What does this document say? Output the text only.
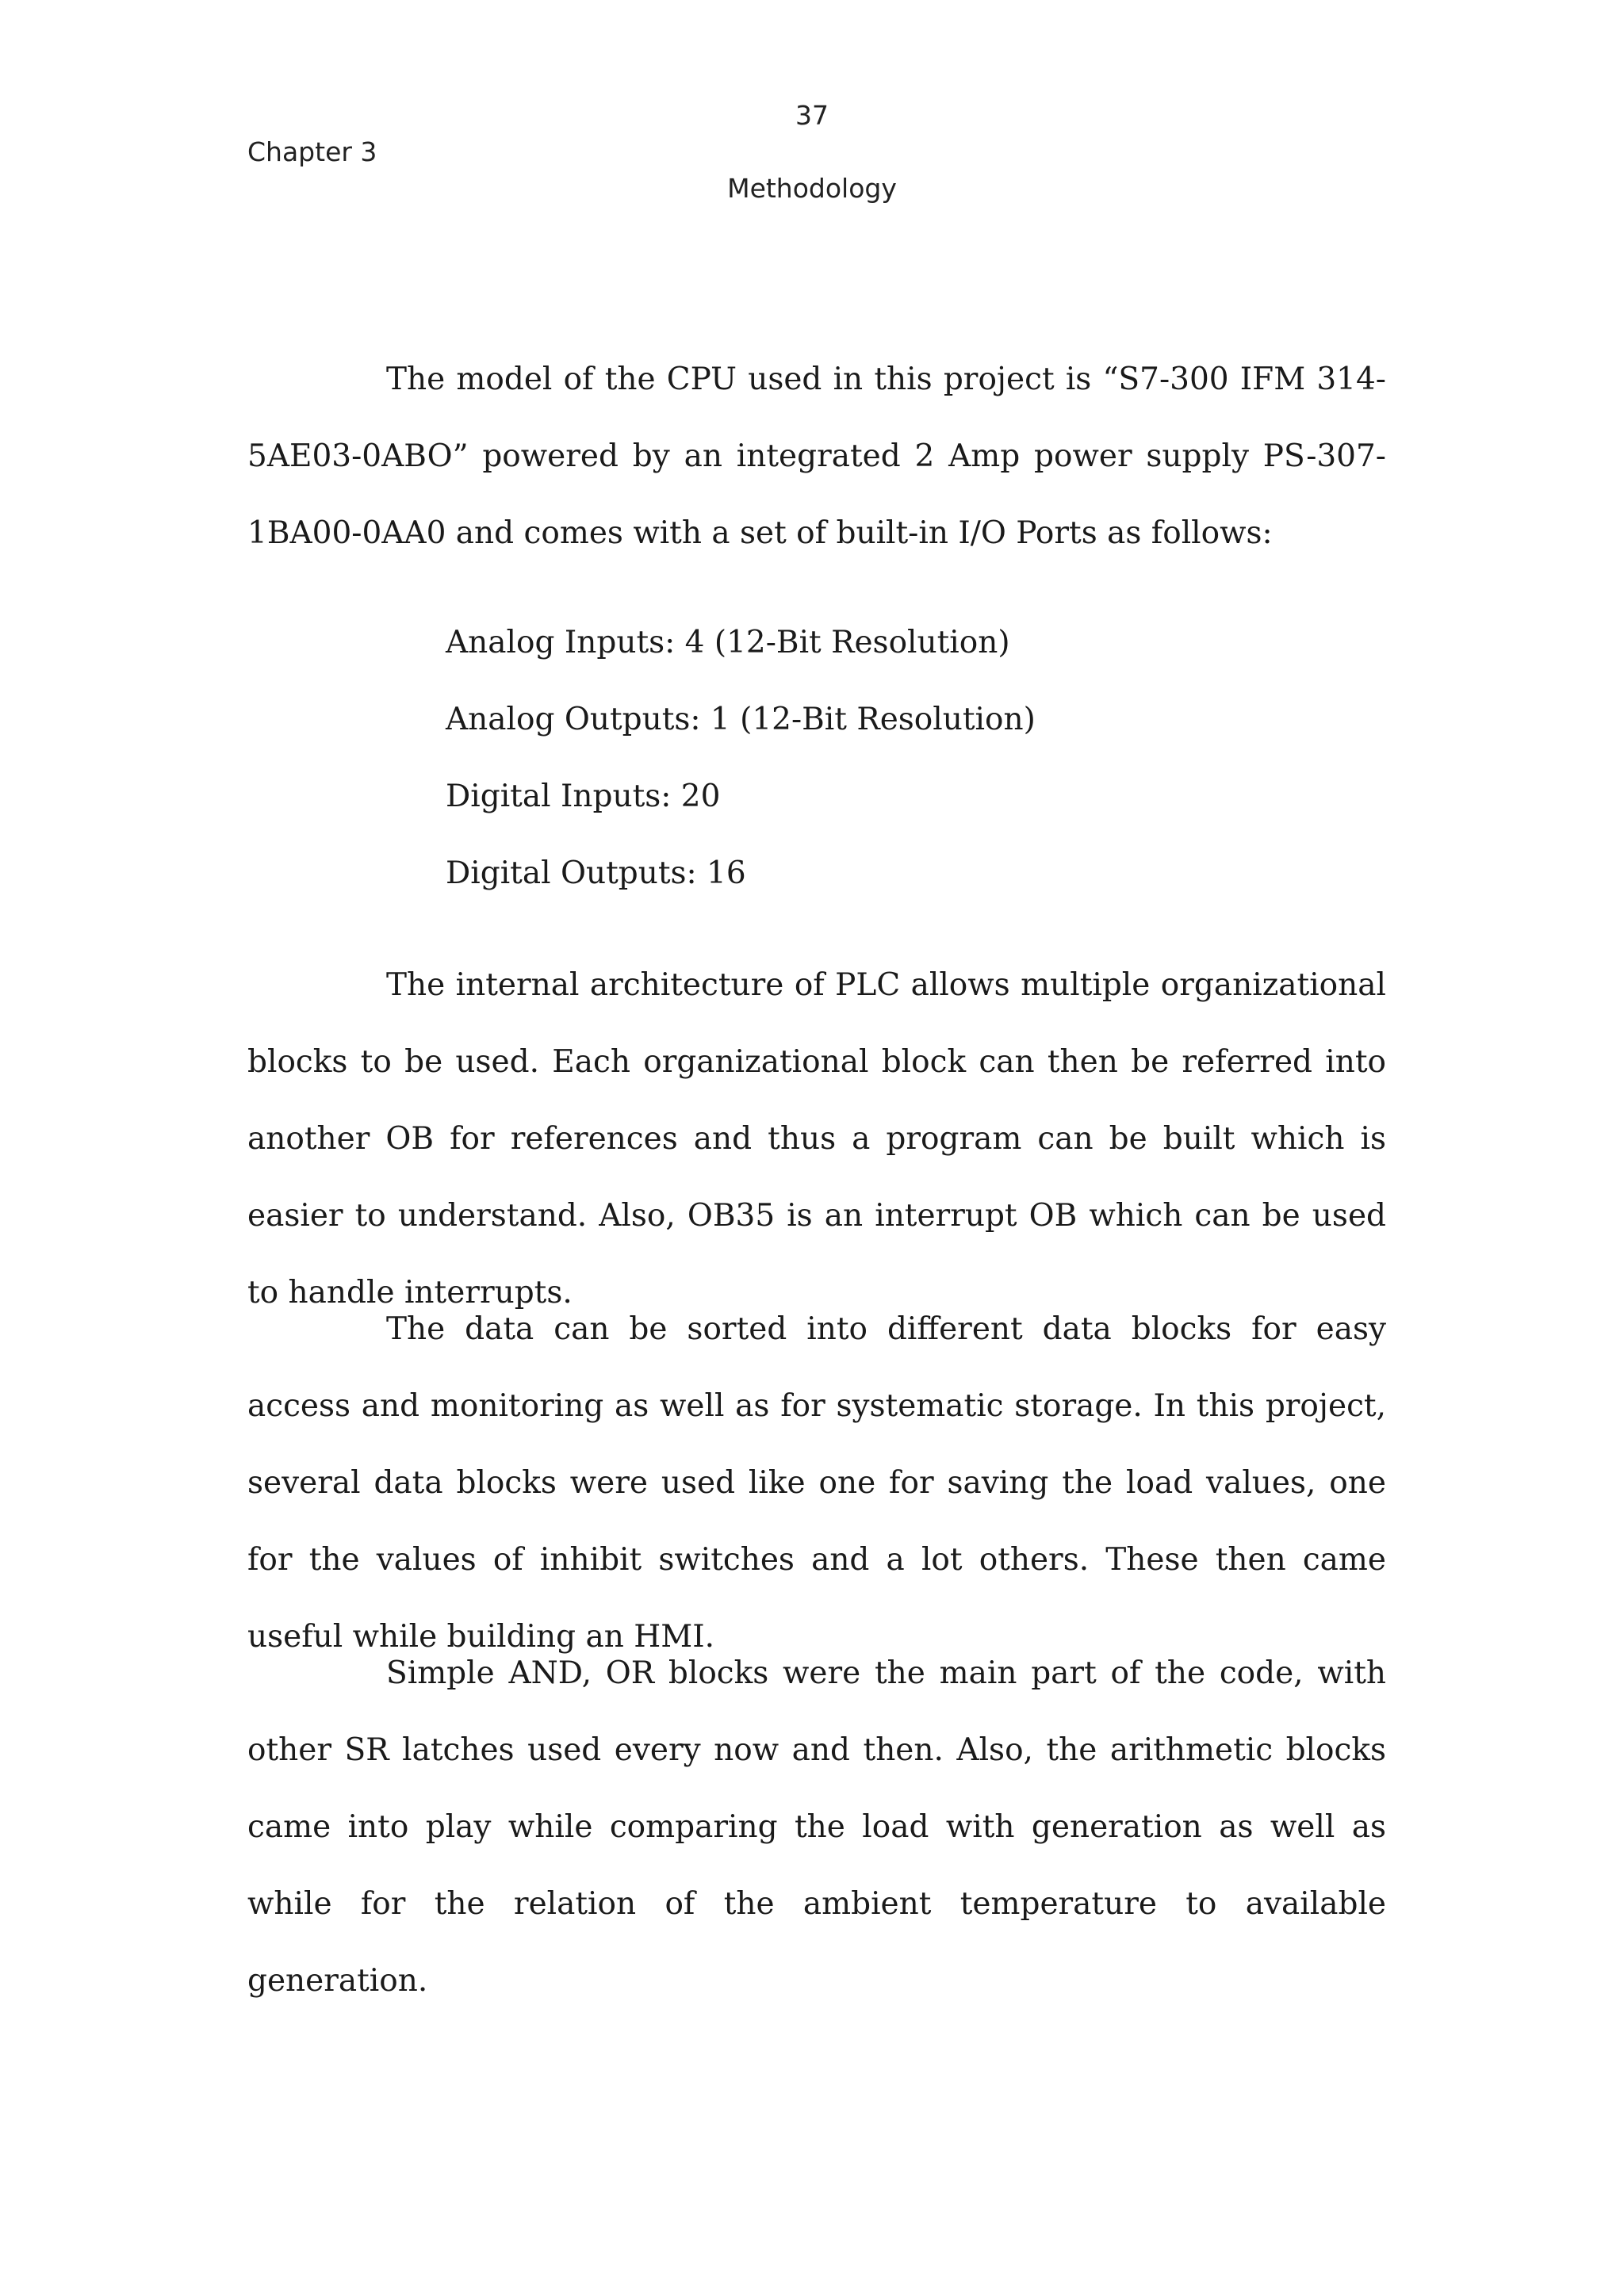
37
Chapter 3
Methodology

The model of the CPU used in this project is “S7-300 IFM 314-5AE03-0ABO” powered by an integrated 2 Amp power supply PS-307-1BA00-0AA0 and comes with a set of built-in I/O Ports as follows:

Analog Inputs: 4 (12-Bit Resolution)
Analog Outputs: 1 (12-Bit Resolution)
Digital Inputs: 20
Digital Outputs: 16

The internal architecture of PLC allows multiple organizational blocks to be used. Each organizational block can then be referred into another OB for references and thus a program can be built which is easier to understand. Also, OB35 is an interrupt OB which can be used to handle interrupts.

The data can be sorted into different data blocks for easy access and monitoring as well as for systematic storage. In this project, several data blocks were used like one for saving the load values, one for the values of inhibit switches and a lot others. These then came useful while building an HMI.

Simple AND, OR blocks were the main part of the code, with other SR latches used every now and then. Also, the arithmetic blocks came into play while comparing the load with generation as well as while for the relation of the ambient temperature to available generation.
